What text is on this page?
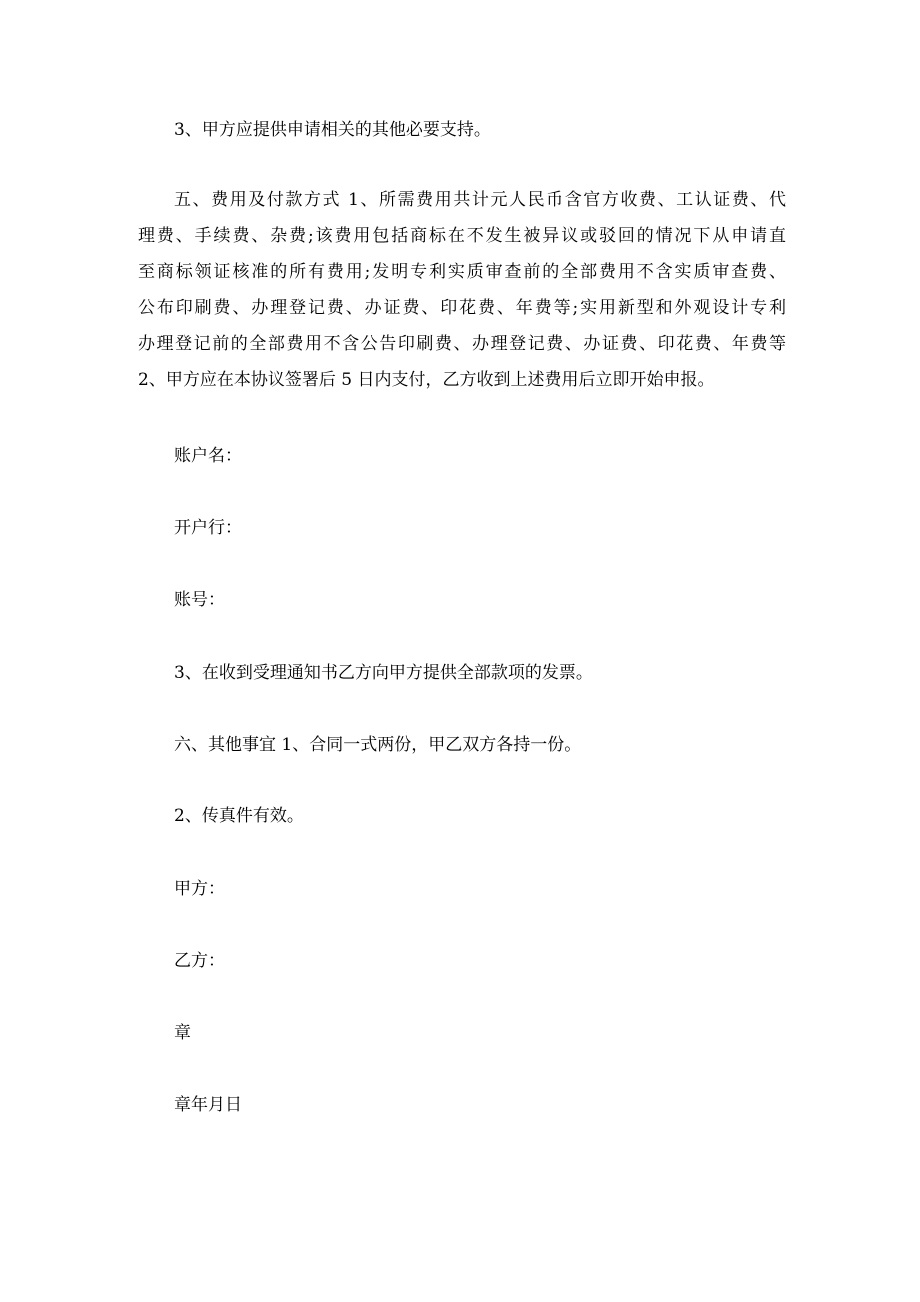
3、甲方应提供申请相关的其他必要支持。
五、费用及付款方式 1、所需费用共计元人民币含官方收费、工认证费、代
理费、手续费、杂费;该费用包括商标在不发生被异议或驳回的情况下从申请直
至商标领证核准的所有费用;发明专利实质审查前的全部费用不含实质审查费、
公布印刷费、办理登记费、办证费、印花费、年费等;实用新型和外观设计专利
办理登记前的全部费用不含公告印刷费、办理登记费、办证费、印花费、年费等
2、甲方应在本协议签署后 5 日内支付，乙方收到上述费用后立即开始申报。
账户名：
开户行：
账号：
3、在收到受理通知书乙方向甲方提供全部款项的发票。
六、其他事宜 1、合同一式两份，甲乙双方各持一份。
2、传真件有效。
甲方：
乙方：
章
章年月日
